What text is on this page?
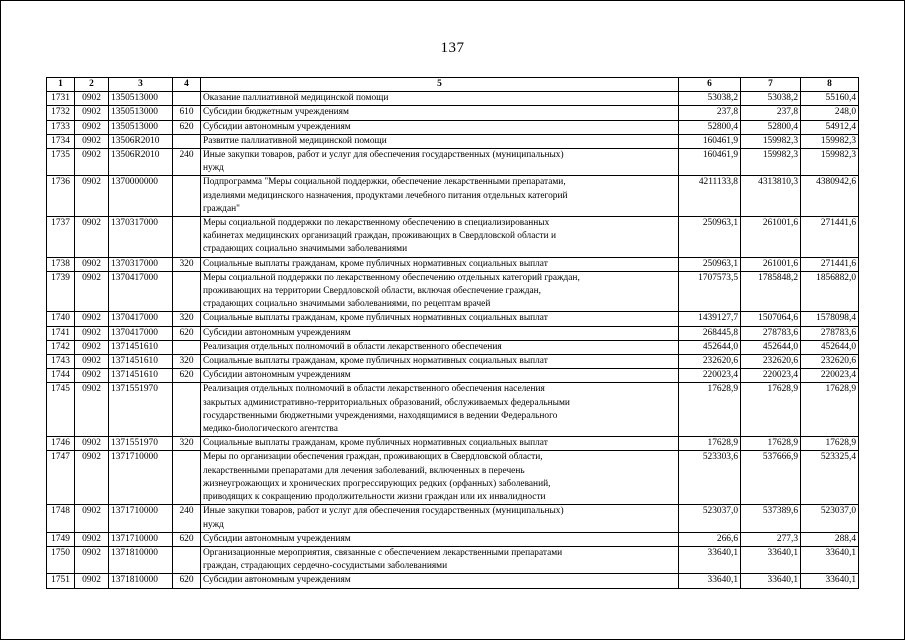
137
1	2	3	4	5	6	7	8
1731	0902	1350513000		Оказание паллиативной медицинской помощи	53038,2	53038,2	55160,4
1732	0902	1350513000	610	Субсидии бюджетным учреждениям	237,8	237,8	248,0
1733	0902	1350513000	620	Субсидии автономным учреждениям	52800,4	52800,4	54912,4
1734	0902	13506R2010		Развитие паллиативной медицинской помощи	160461,9	159982,3	159982,3
1735	0902	13506R2010	240	Иные закупки товаров, работ и услуг для обеспечения государственных (муниципальных)
нужд	160461,9	159982,3	159982,3
1736	0902	1370000000		Подпрограмма "Меры социальной поддержки, обеспечение лекарственными препаратами,
изделиями медицинского назначения, продуктами лечебного питания отдельных категорий
граждан"	4211133,8	4313810,3	4380942,6
1737	0902	1370317000		Меры социальной поддержки по лекарственному обеспечению в специализированных
кабинетах медицинских организаций граждан, проживающих в Свердловской области и
страдающих социально значимыми заболеваниями	250963,1	261001,6	271441,6
1738	0902	1370317000	320	Социальные выплаты гражданам, кроме публичных нормативных социальных выплат	250963,1	261001,6	271441,6
1739	0902	1370417000		Меры социальной поддержки по лекарственному обеспечению отдельных категорий граждан,
проживающих на территории Свердловской области, включая обеспечение граждан,
страдающих социально значимыми заболеваниями, по рецептам врачей	1707573,5	1785848,2	1856882,0
1740	0902	1370417000	320	Социальные выплаты гражданам, кроме публичных нормативных социальных выплат	1439127,7	1507064,6	1578098,4
1741	0902	1370417000	620	Субсидии автономным учреждениям	268445,8	278783,6	278783,6
1742	0902	1371451610		Реализация отдельных полномочий в области лекарственного обеспечения	452644,0	452644,0	452644,0
1743	0902	1371451610	320	Социальные выплаты гражданам, кроме публичных нормативных социальных выплат	232620,6	232620,6	232620,6
1744	0902	1371451610	620	Субсидии автономным учреждениям	220023,4	220023,4	220023,4
1745	0902	1371551970		Реализация отдельных полномочий в области лекарственного обеспечения населения
закрытых административно-территориальных образований, обслуживаемых федеральными
государственными бюджетными учреждениями, находящимися в ведении Федерального
медико-биологического агентства	17628,9	17628,9	17628,9
1746	0902	1371551970	320	Социальные выплаты гражданам, кроме публичных нормативных социальных выплат	17628,9	17628,9	17628,9
1747	0902	1371710000		Меры по организации обеспечения граждан, проживающих в Свердловской области,
лекарственными препаратами для лечения заболеваний, включенных в перечень
жизнеугрожающих и хронических прогрессирующих редких (орфанных) заболеваний,
приводящих к сокращению продолжительности жизни граждан или их инвалидности	523303,6	537666,9	523325,4
1748	0902	1371710000	240	Иные закупки товаров, работ и услуг для обеспечения государственных (муниципальных)
нужд	523037,0	537389,6	523037,0
1749	0902	1371710000	620	Субсидии автономным учреждениям	266,6	277,3	288,4
1750	0902	1371810000		Организационные мероприятия, связанные с обеспечением лекарственными препаратами
граждан, страдающих сердечно-сосудистыми заболеваниями	33640,1	33640,1	33640,1
1751	0902	1371810000	620	Субсидии автономным учреждениям	33640,1	33640,1	33640,1
